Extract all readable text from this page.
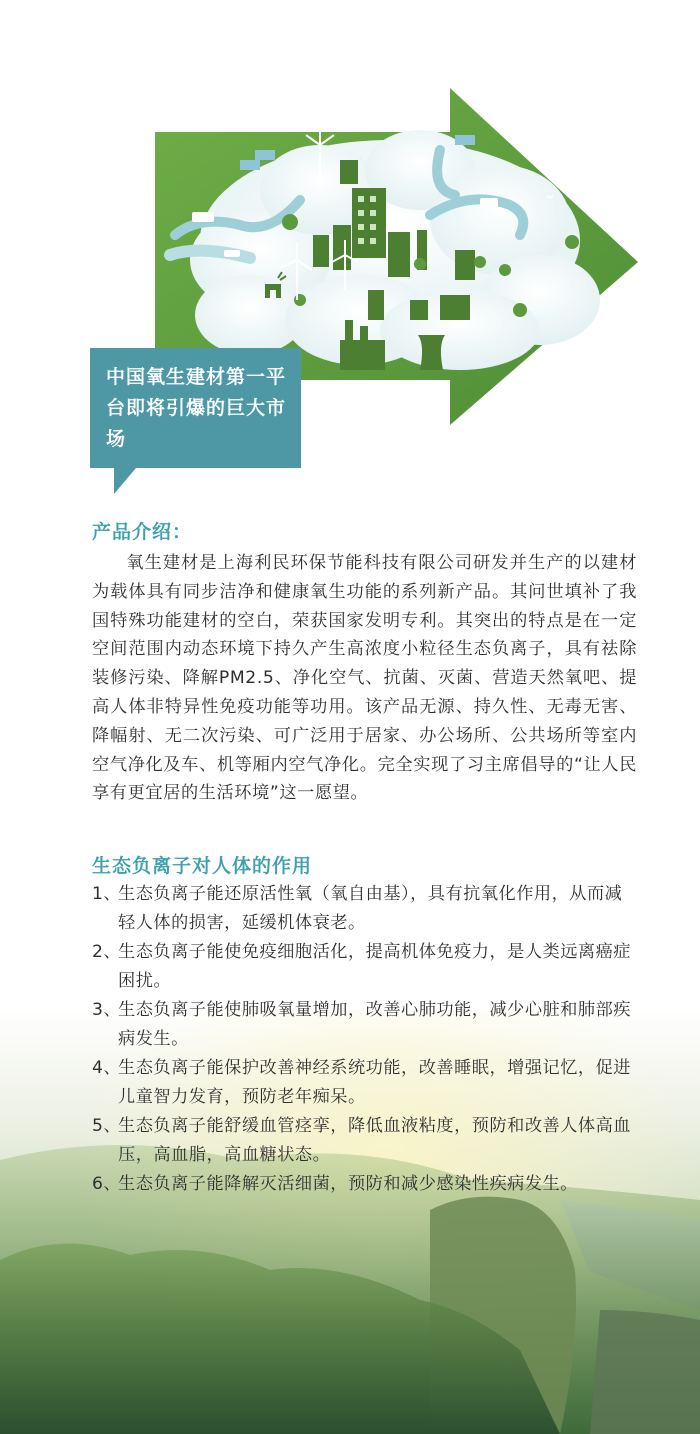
中国氧生建材第一平台即将引爆的巨大市场
产品介绍：
氧生建材是上海利民环保节能科技有限公司研发并生产的以建材为载体具有同步洁净和健康氧生功能的系列新产品。其问世填补了我国特殊功能建材的空白，荣获国家发明专利。其突出的特点是在一定空间范围内动态环境下持久产生高浓度小粒径生态负离子，具有祛除装修污染、降解PM2.5、净化空气、抗菌、灭菌、营造天然氧吧、提高人体非特异性免疫功能等功用。该产品无源、持久性、无毒无害、降幅射、无二次污染、可广泛用于居家、办公场所、公共场所等室内空气净化及车、机等厢内空气净化。完全实现了习主席倡导的“让人民享有更宜居的生活环境”这一愿望。
生态负离子对人体的作用
1、
生态负离子能还原活性氧（氧自由基），具有抗氧化作用，从而减轻人体的损害，延缓机体衰老。
2、
生态负离子能使免疫细胞活化，提高机体免疫力，是人类远离癌症困扰。
3、
生态负离子能使肺吸氧量增加，改善心肺功能，减少心脏和肺部疾病发生。
4、
生态负离子能保护改善神经系统功能，改善睡眠，增强记忆，促进儿童智力发育，预防老年痴呆。
5、
生态负离子能舒缓血管痉挛，降低血液粘度，预防和改善人体高血压，高血脂，高血糖状态。
6、
生态负离子能降解灭活细菌，预防和减少感染性疾病发生。
